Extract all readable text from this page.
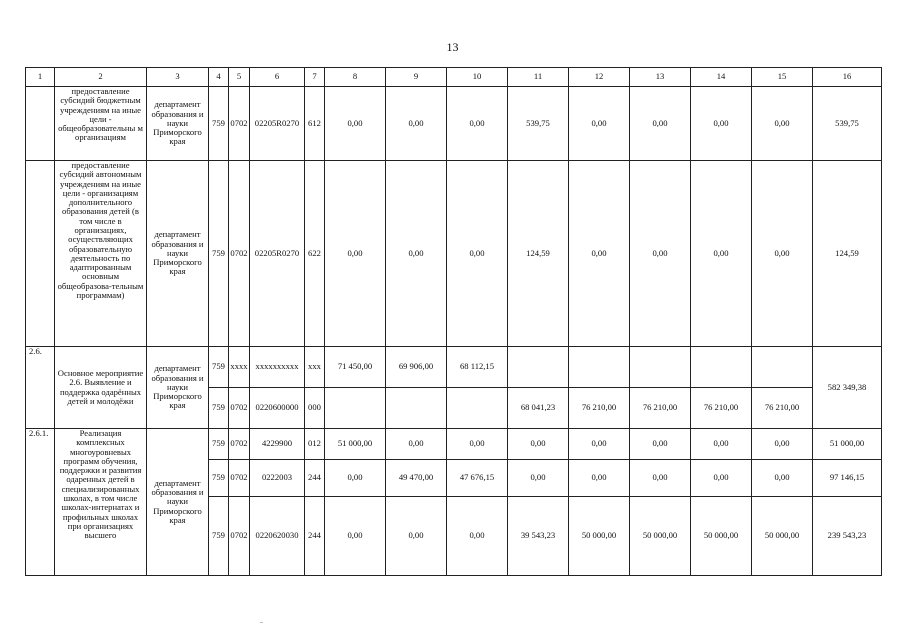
13
1	2	3	4	5	6	7	8	9	10	11	12	13	14	15	16
	предоставление субсидий бюджетным учреждениям на иные цели - общеобразовательны м организациям	департамент образования и науки Приморского края	759	0702	02205R0270	612	0,00	0,00	0,00	539,75	0,00	0,00	0,00	0,00	539,75
	предоставление субсидий автономным учреждениям на иные цели - организациям дополнительного образования детей (в том числе в организациях, осуществляющих образовательную деятельность по адаптированным основным общеобразова-тельным программам)	департамент образования и науки Приморского края	759	0702	02205R0270	622	0,00	0,00	0,00	124,59	0,00	0,00	0,00	0,00	124,59
2.6.	Основное мероприятие 2.6. Выявление и поддержка одарённых детей и молодёжи	департамент образования и науки Приморского края	759	xxxx	xxxxxxxxxx	xxx	71 450,00	69 906,00	68 112,15						582 349,38
			759	0702	0220600000	000				68 041,23	76 210,00	76 210,00	76 210,00	76 210,00	
2.6.1.	Реализация комплексных многоуровневых программ обучения, поддержки и развития одаренных детей в специализированных школах, в том числе школах-интернатах и профильных школах при организациях высшего	департамент образования и науки Приморского края	759	0702	4229900	012	51 000,00	0,00	0,00	0,00	0,00	0,00	0,00	0,00	51 000,00
			759	0702	0222003	244	0,00	49 470,00	47 676,15	0,00	0,00	0,00	0,00	0,00	97 146,15
			759	0702	0220620030	244	0,00	0,00	0,00	39 543,23	50 000,00	50 000,00	50 000,00	50 000,00	239 543,23
